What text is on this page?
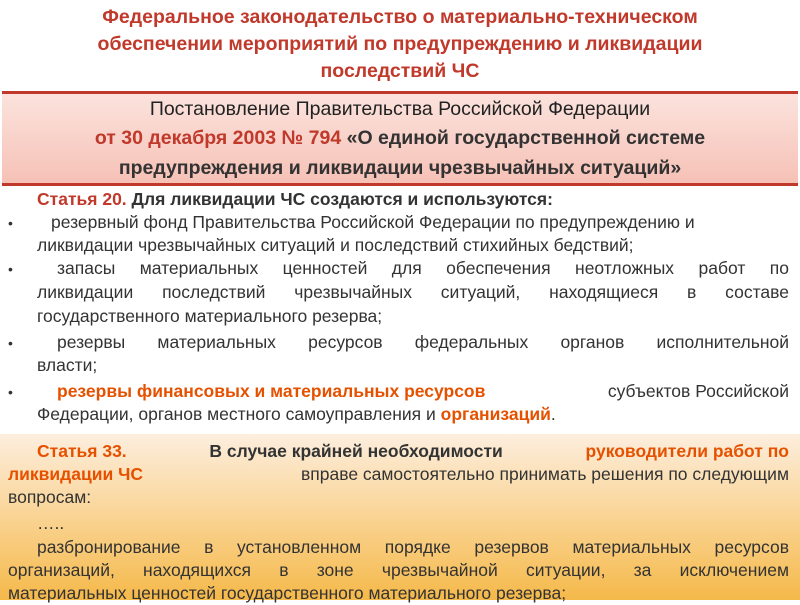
Федеральное законодательство о материально-техническом
обеспечении мероприятий по предупреждению и ликвидации
последствий ЧС
Постановление Правительства Российской Федерации
от 30 декабря 2003 № 794 «О единой государственной системе
предупреждения и ликвидации чрезвычайных ситуаций»
Статья 20. Для ликвидации ЧС создаются и используются:
• резервный фонд Правительства Российской Федерации по предупреждению и
ликвидации чрезвычайных ситуаций и последствий стихийных бедствий;
•	запасы материальных ценностей для обеспечения неотложных работ по
ликвидации последствий чрезвычайных ситуаций, находящиеся в составе
государственного материального резерва;
•	резервы материальных ресурсов федеральных органов исполнительной
власти;
•	резервы финансовых и материальных ресурсов	субъектов Российской
Федерации, органов местного самоуправления и организаций.
Статья 33.	В случае крайней необходимости	руководители работ по
ликвидации ЧС	вправе самостоятельно принимать решения по следующим
вопросам:
…..
разбронирование в установленном порядке резервов материальных ресурсов
организаций, находящихся в зоне чрезвычайной ситуации, за исключением
материальных ценностей государственного материального резерва;
